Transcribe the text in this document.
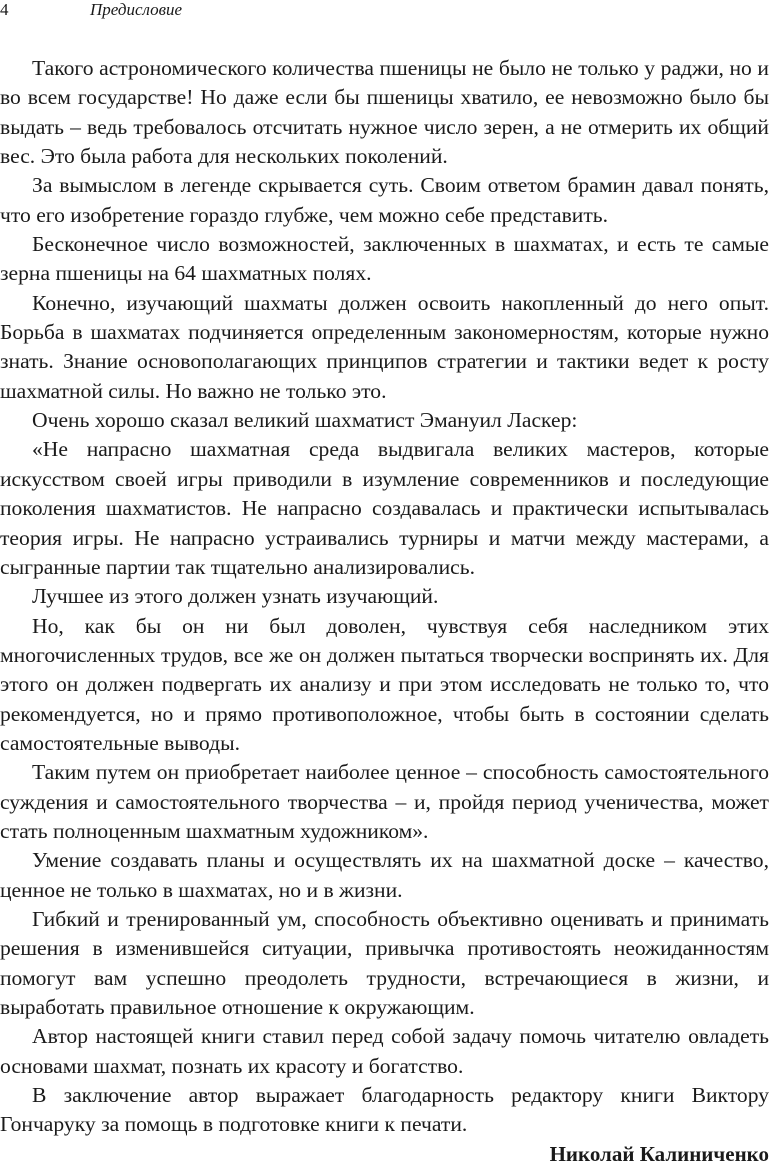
4	Предисловие

Такого астрономического количества пшеницы не было не только у раджи, но и во всем государстве! Но даже если бы пшеницы хватило, ее невозможно было бы выдать – ведь требовалось отсчитать нужное число зерен, а не отмерить их общий вес. Это была работа для нескольких поколений.

За вымыслом в легенде скрывается суть. Своим ответом брамин давал понять, что его изобретение гораздо глубже, чем можно себе представить.

Бесконечное число возможностей, заключенных в шахматах, и есть те самые зерна пшеницы на 64 шахматных полях.

Конечно, изучающий шахматы должен освоить накопленный до него опыт. Борьба в шахматах подчиняется определенным закономерностям, которые нужно знать. Знание основополагающих принципов стратегии и тактики ведет к росту шахматной силы. Но важно не только это.

Очень хорошо сказал великий шахматист Эмануил Ласкер:

«Не напрасно шахматная среда выдвигала великих мастеров, которые искусством своей игры приводили в изумление современников и последующие поколения шахматистов. Не напрасно создавалась и практически испытывалась теория игры. Не напрасно устраивались турниры и матчи между мастерами, а сыгранные партии так тщательно анализировались.

Лучшее из этого должен узнать изучающий.

Но, как бы он ни был доволен, чувствуя себя наследником этих многочисленных трудов, все же он должен пытаться творчески воспринять их. Для этого он должен подвергать их анализу и при этом исследовать не только то, что рекомендуется, но и прямо противоположное, чтобы быть в состоянии сделать самостоятельные выводы.

Таким путем он приобретает наиболее ценное – способность самостоятельного суждения и самостоятельного творчества – и, пройдя период ученичества, может стать полноценным шахматным художником».

Умение создавать планы и осуществлять их на шахматной доске – качество, ценное не только в шахматах, но и в жизни.

Гибкий и тренированный ум, способность объективно оценивать и принимать решения в изменившейся ситуации, привычка противостоять неожиданностям помогут вам успешно преодолеть трудности, встречающиеся в жизни, и выработать правильное отношение к окружающим.

Автор настоящей книги ставил перед собой задачу помочь читателю овладеть основами шахмат, познать их красоту и богатство.

В заключение автор выражает благодарность редактору книги Виктору Гончаруку за помощь в подготовке книги к печати.

Николай Калиниченко
